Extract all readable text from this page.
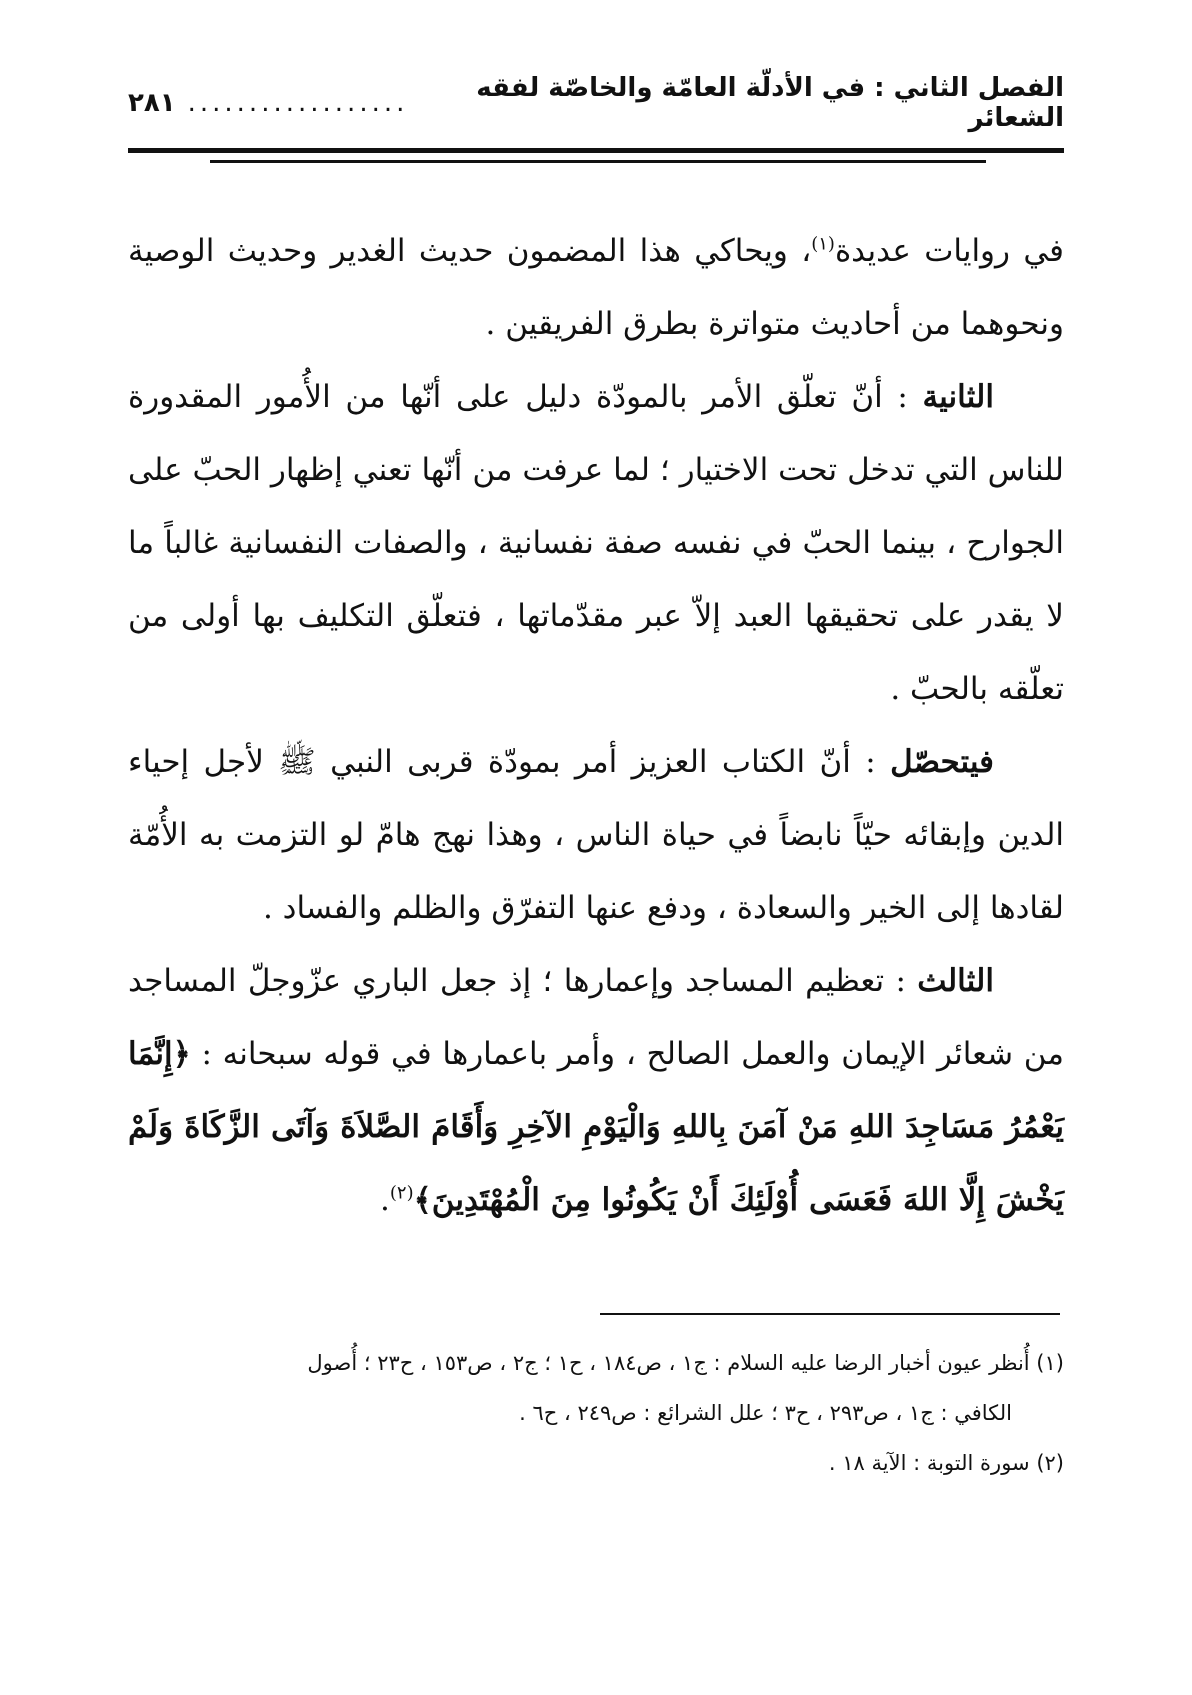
الفصل الثاني : في الأدلّة العامّة والخاصّة لفقه الشعائر
..................
٢٨١

في روايات عديدة$^{(١)}$، ويحاكي هذا المضمون حديث الغدير وحديث الوصية ونحوهما من أحاديث متواترة بطرق الفريقين .

الثانية : أنّ تعلّق الأمر بالمودّة دليل على أنّها من الأُمور المقدورة للناس التي تدخل تحت الاختيار ؛ لما عرفت من أنّها تعني إظهار الحبّ على الجوارح ، بينما الحبّ في نفسه صفة نفسانية ، والصفات النفسانية غالباً ما لا يقدر على تحقيقها العبد إلاّ عبر مقدّماتها ، فتعلّق التكليف بها أولى من تعلّقه بالحبّ .

فيتحصّل : أنّ الكتاب العزيز أمر بمودّة قربى النبي ﷺ لأجل إحياء الدين وإبقائه حيّاً نابضاً في حياة الناس ، وهذا نهج هامّ لو التزمت به الأُمّة لقادها إلى الخير والسعادة ، ودفع عنها التفرّق والظلم والفساد .

الثالث : تعظيم المساجد وإعمارها ؛ إذ جعل الباري عزّوجلّ المساجد من شعائر الإيمان والعمل الصالح ، وأمر باعمارها في قوله سبحانه : ﴿إِنَّمَا يَعْمُرُ مَسَاجِدَ اللهِ مَنْ آمَنَ بِاللهِ وَالْيَوْمِ الآخِرِ وَأَقَامَ الصَّلاَةَ وَآتَى الزَّكَاةَ وَلَمْ يَخْشَ إِلَّا اللهَ فَعَسَى أُوْلَئِكَ أَنْ يَكُونُوا مِنَ الْمُهْتَدِينَ﴾$^{(٢)}$.

(١) أُنظر عيون أخبار الرضا عليه السلام : ج١ ، ص١٨٤ ، ح١ ؛ ج٢ ، ص١٥٣ ، ح٢٣ ؛ أُصول

الكافي : ج١ ، ص٢٩٣ ، ح٣ ؛ علل الشرائع : ص٢٤٩ ، ح٦ .

(٢) سورة التوبة : الآية ١٨ .
